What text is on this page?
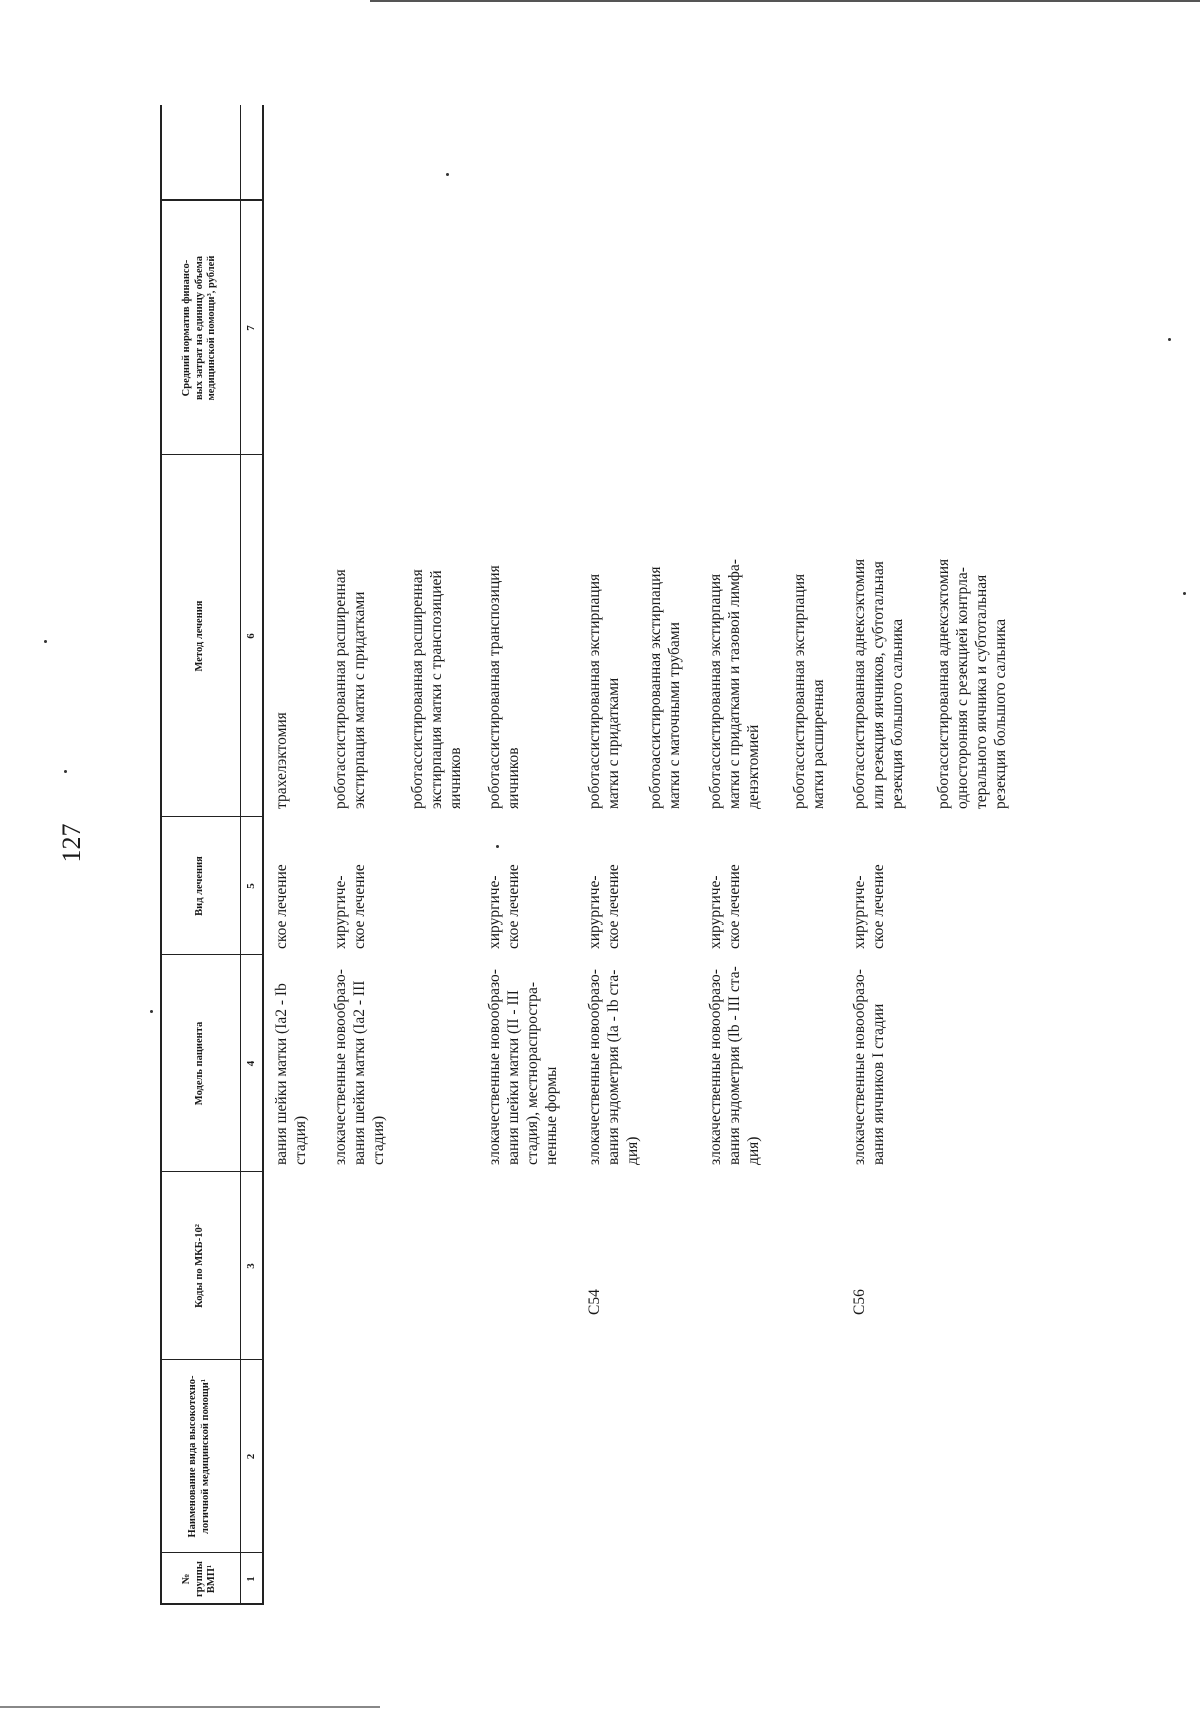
127
№ группы ВМП¹
Наименование вида высокотехно-
логичной медицинской помощи¹
Коды по МКБ-10²
Модель пациента
Вид лечения
Метод лечения
Средний норматив финансо-
вых затрат на единицу объема
медицинской помощи³, рублей
1
2
3
4
5
6
7
вания шейки матки (Ia2 - Ib
стадия)
ское лечение
трахелэктомия
злокачественные новообразо-
вания шейки матки (Ia2 - III
стадия)
хирургиче-
ское лечение
роботассистированная расширенная
экстирпация матки с придатками
роботассистированная расширенная
экстирпация матки с транспозицией
яичников
злокачественные новообразо-
вания шейки матки (II - III
стадия), местнораспростра-
ненные формы
хирургиче-
ское лечение
роботассистированная транспозиция
яичников
C54
злокачественные новообразо-
вания эндометрия (Ia - Ib ста-
дия)
хирургиче-
ское лечение
роботассистированная экстирпация
матки с придатками роботоассистированная экстирпация
матки с маточными трубами
злокачественные новообразо-
вания эндометрия (Ib - III ста-
дия)
хирургиче-
ское лечение
роботассистированная экстирпация
матки с придатками и тазовой лимфа-
денэктомией роботассистированная экстирпация
матки расширенная
C56
злокачественные новообразо-
вания яичников I стадии
хирургиче-
ское лечение
роботассистированная аднексэктомия
или резекция яичников, субтотальная
резекция большого сальника
роботассистированная аднексэктомия
односторонняя с резекцией контрла-
терального яичника и субтотальная
резекция большого сальника
